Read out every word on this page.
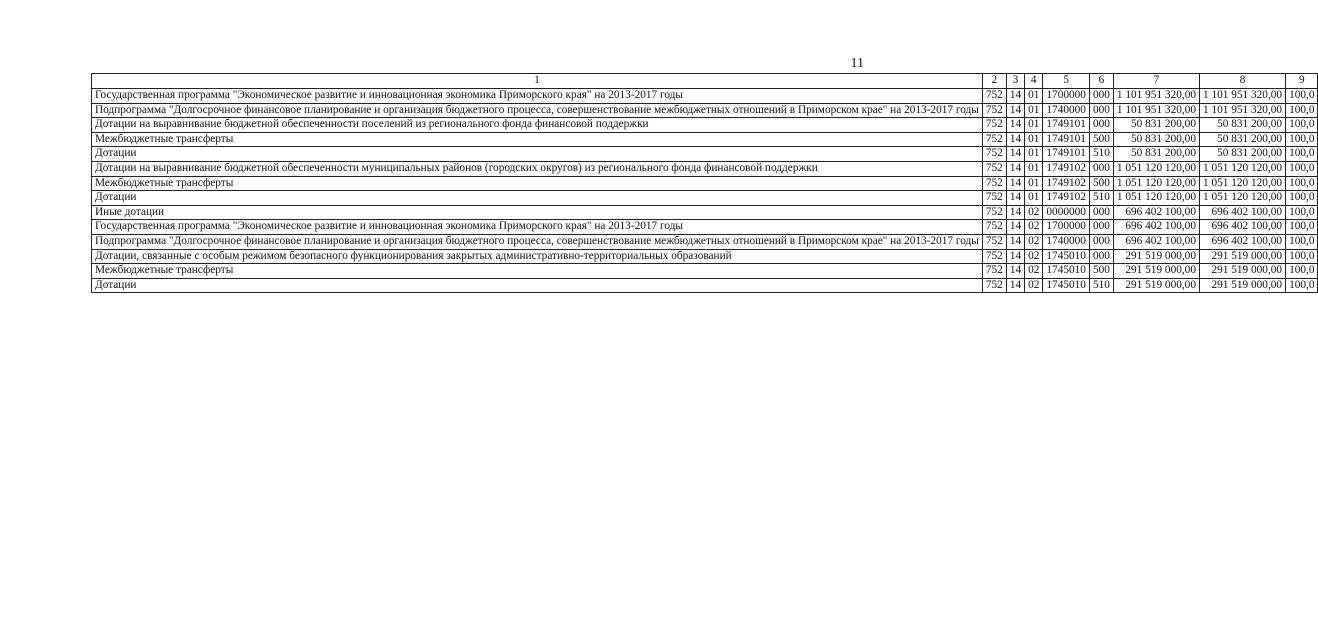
11
1	2	3	4	5	6	7	8	9
Государственная программа "Экономическое развитие и инновационная экономика Приморского края" на 2013-2017 годы	752	14	01	1700000	000	1 101 951 320,00	1 101 951 320,00	100,0
Подпрограмма "Долгосрочное финансовое планирование и организация бюджетного процесса, совершенствование межбюджетных отношений в Приморском крае" на 2013-2017 годы	752	14	01	1740000	000	1 101 951 320,00	1 101 951 320,00	100,0
Дотации на выравнивание бюджетной обеспеченности поселений из регионального фонда финансовой поддержки	752	14	01	1749101	000	50 831 200,00	50 831 200,00	100,0
Межбюджетные трансферты	752	14	01	1749101	500	50 831 200,00	50 831 200,00	100,0
Дотации	752	14	01	1749101	510	50 831 200,00	50 831 200,00	100,0
Дотации на выравнивание бюджетной обеспеченности муниципальных районов (городских округов) из регионального фонда финансовой поддержки	752	14	01	1749102	000	1 051 120 120,00	1 051 120 120,00	100,0
Межбюджетные трансферты	752	14	01	1749102	500	1 051 120 120,00	1 051 120 120,00	100,0
Дотации	752	14	01	1749102	510	1 051 120 120,00	1 051 120 120,00	100,0
Иные дотации	752	14	02	0000000	000	696 402 100,00	696 402 100,00	100,0
Государственная программа "Экономическое развитие и инновационная экономика Приморского края" на 2013-2017 годы	752	14	02	1700000	000	696 402 100,00	696 402 100,00	100,0
Подпрограмма "Долгосрочное финансовое планирование и организация бюджетного процесса, совершенствование межбюджетных отношений в Приморском крае" на 2013-2017 годы	752	14	02	1740000	000	696 402 100,00	696 402 100,00	100,0
Дотации, связанные с особым режимом безопасного функционирования закрытых административно-территориальных образований	752	14	02	1745010	000	291 519 000,00	291 519 000,00	100,0
Межбюджетные трансферты	752	14	02	1745010	500	291 519 000,00	291 519 000,00	100,0
Дотации	752	14	02	1745010	510	291 519 000,00	291 519 000,00	100,0
